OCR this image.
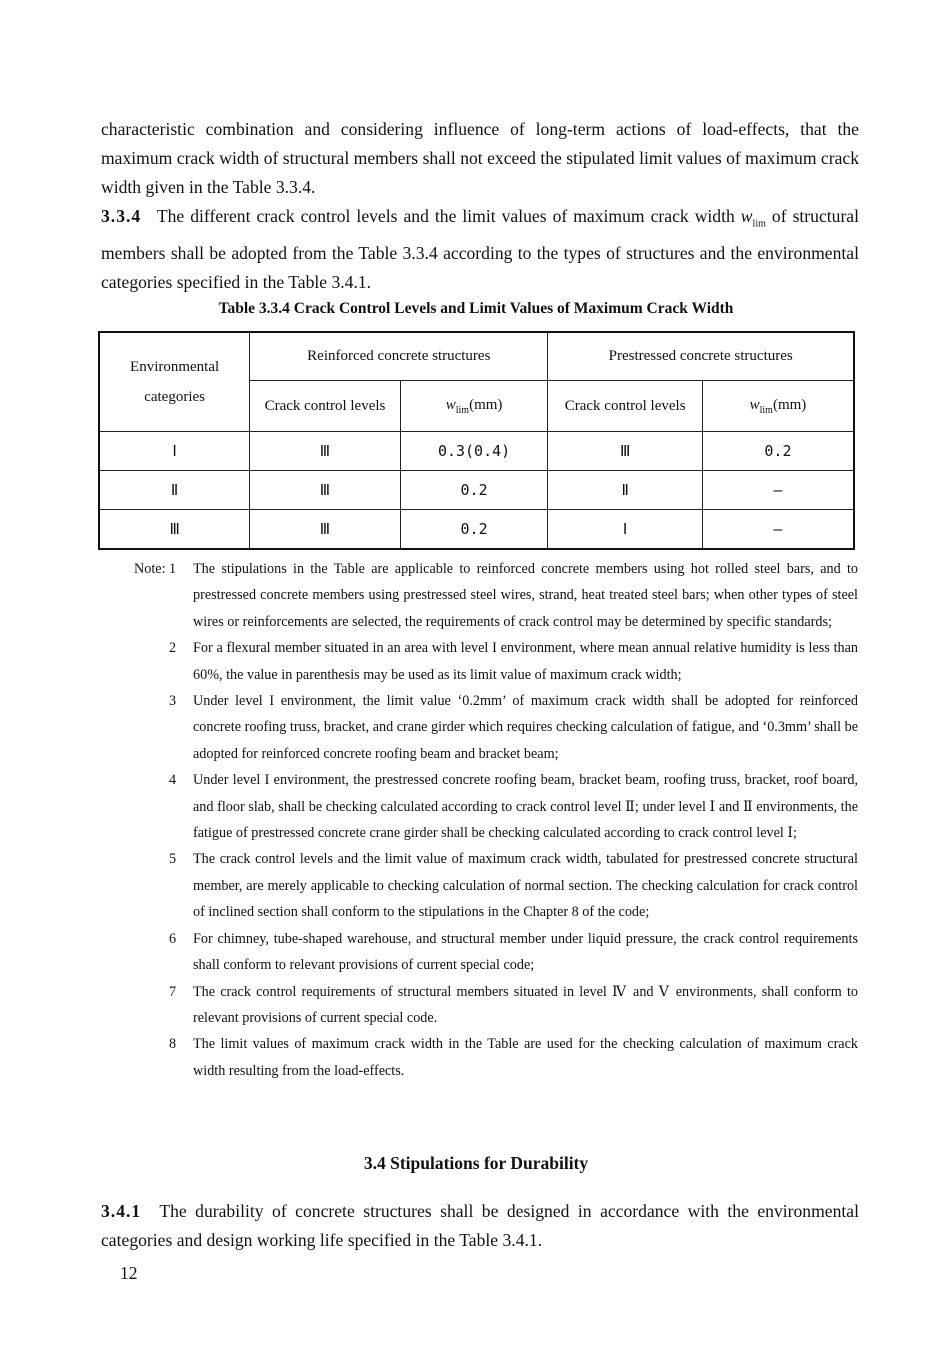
characteristic combination and considering influence of long-term actions of load-effects, that the maximum crack width of structural members shall not exceed the stipulated limit values of maximum crack width given in the Table 3.3.4.

3.3.4 The different crack control levels and the limit values of maximum crack width $w_{lim}$ of structural members shall be adopted from the Table 3.3.4 according to the types of structures and the environmental categories specified in the Table 3.4.1.

Table 3.3.4 Crack Control Levels and Limit Values of Maximum Crack Width
Environmental categories	Reinforced concrete structures		Prestressed concrete structures	
	Crack control levels	$w_{lim}(mm)$	Crack control levels	$w_{lim}(mm)$
Ⅰ	Ⅲ	0.3(0.4)	Ⅲ	0.2
Ⅱ	Ⅲ	0.2	Ⅱ	—
Ⅲ	Ⅲ	0.2	Ⅰ	—
Note: 1 The stipulations in the Table are applicable to reinforced concrete members using hot rolled steel bars, and to prestressed concrete members using prestressed steel wires, strand, heat treated steel bars; when other types of steel wires or reinforcements are selected, the requirements of crack control may be determined by specific standards;
2 For a flexural member situated in an area with level I environment, where mean annual relative humidity is less than 60%, the value in parenthesis may be used as its limit value of maximum crack width;
3 Under level I environment, the limit value ‘0.2mm’ of maximum crack width shall be adopted for reinforced concrete roofing truss, bracket, and crane girder which requires checking calculation of fatigue, and ‘0.3mm’ shall be adopted for reinforced concrete roofing beam and bracket beam;
4 Under level I environment, the prestressed concrete roofing beam, bracket beam, roofing truss, bracket, roof board, and floor slab, shall be checking calculated according to crack control level Ⅱ; under level Ⅰ and Ⅱ environments, the fatigue of prestressed concrete crane girder shall be checking calculated according to crack control level Ⅰ;
5 The crack control levels and the limit value of maximum crack width, tabulated for prestressed concrete structural member, are merely applicable to checking calculation of normal section. The checking calculation for crack control of inclined section shall conform to the stipulations in the Chapter 8 of the code;
6 For chimney, tube-shaped warehouse, and structural member under liquid pressure, the crack control requirements shall conform to relevant provisions of current special code;
7 The crack control requirements of structural members situated in level Ⅳ and Ⅴ environments, shall conform to relevant provisions of current special code.
8 The limit values of maximum crack width in the Table are used for the checking calculation of maximum crack width resulting from the load-effects.
3.4 Stipulations for Durability

3.4.1 The durability of concrete structures shall be designed in accordance with the environmental categories and design working life specified in the Table 3.4.1.

12
